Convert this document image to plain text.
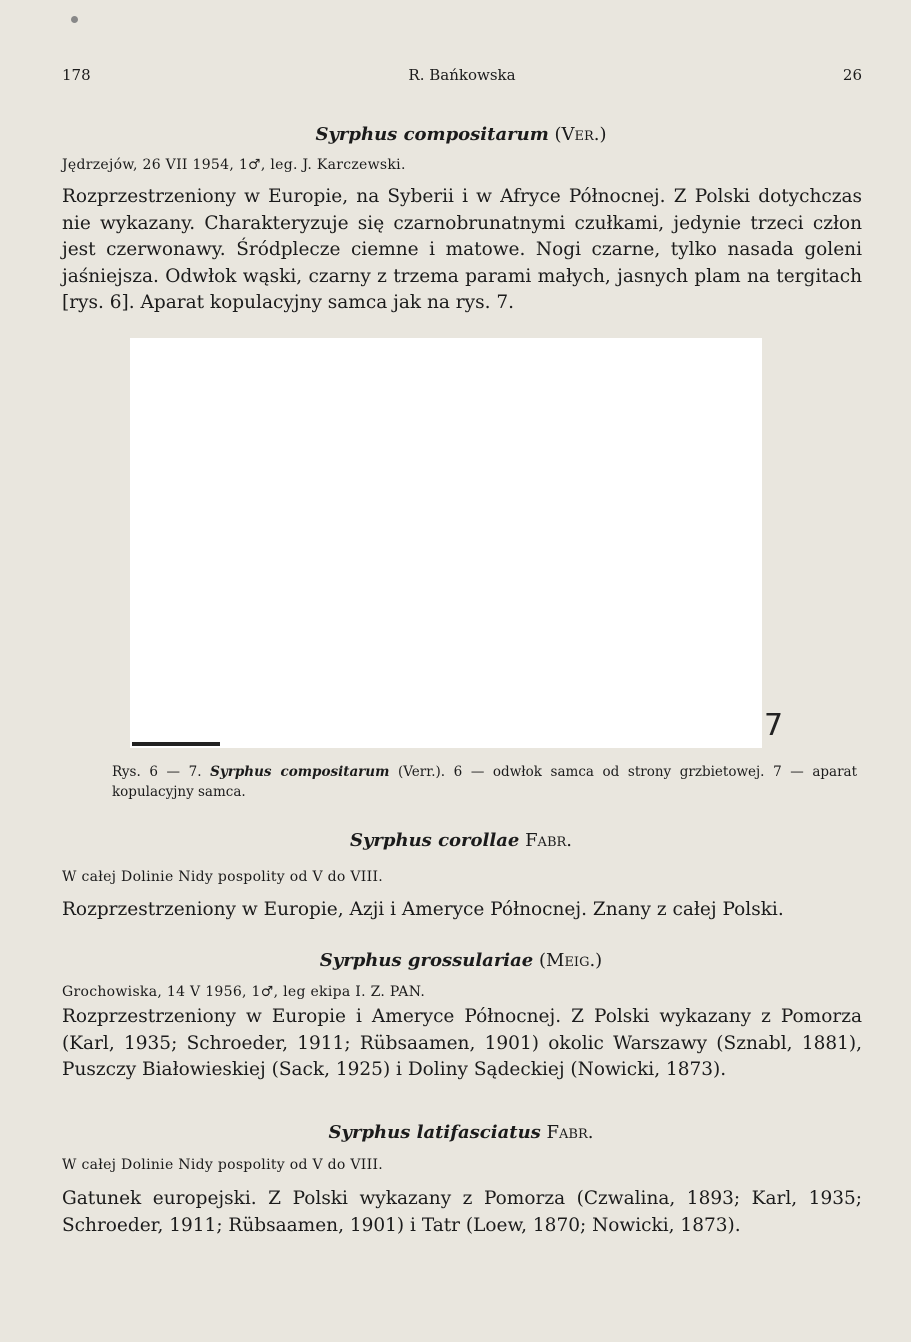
178	R. Bańkowska	26
Syrphus compositarum (Ver.)
Jędrzejów, 26 VII 1954, 1♂, leg. J. Karczewski.
Rozprzestrzeniony w Europie, na Syberii i w Afryce Północnej. Z Polski dotychczas nie wykazany. Charakteryzuje się czarnobrunatnymi czułkami, jedynie trzeci człon jest czerwonawy. Śródplecze ciemne i matowe. Nogi czarne, tylko nasada goleni jaśniejsza. Odwłok wąski, czarny z trzema parami małych, jasnych plam na tergitach [rys. 6]. Aparat kopulacyjny samca jak na rys. 7.
7
Rys. 6 — 7. Syrphus compositarum (Verr.). 6 — odwłok samca od strony grzbietowej. 7 — aparat kopulacyjny samca.
Syrphus corollae Fabr.
W całej Dolinie Nidy pospolity od V do VIII.
Rozprzestrzeniony w Europie, Azji i Ameryce Północnej. Znany z całej Polski.
Syrphus grossulariae (Meig.)
Grochowiska, 14 V 1956, 1♂, leg ekipa I. Z. PAN.
Rozprzestrzeniony w Europie i Ameryce Północnej. Z Polski wykazany z Pomorza (Karl, 1935; Schroeder, 1911; Rübsaamen, 1901) okolic Warszawy (Sznabl, 1881), Puszczy Białowieskiej (Sack, 1925) i Doliny Sądeckiej (Nowicki, 1873).
Syrphus latifasciatus Fabr.
W całej Dolinie Nidy pospolity od V do VIII.
Gatunek europejski. Z Polski wykazany z Pomorza (Czwalina, 1893; Karl, 1935; Schroeder, 1911; Rübsaamen, 1901) i Tatr (Loew, 1870; Nowicki, 1873).
